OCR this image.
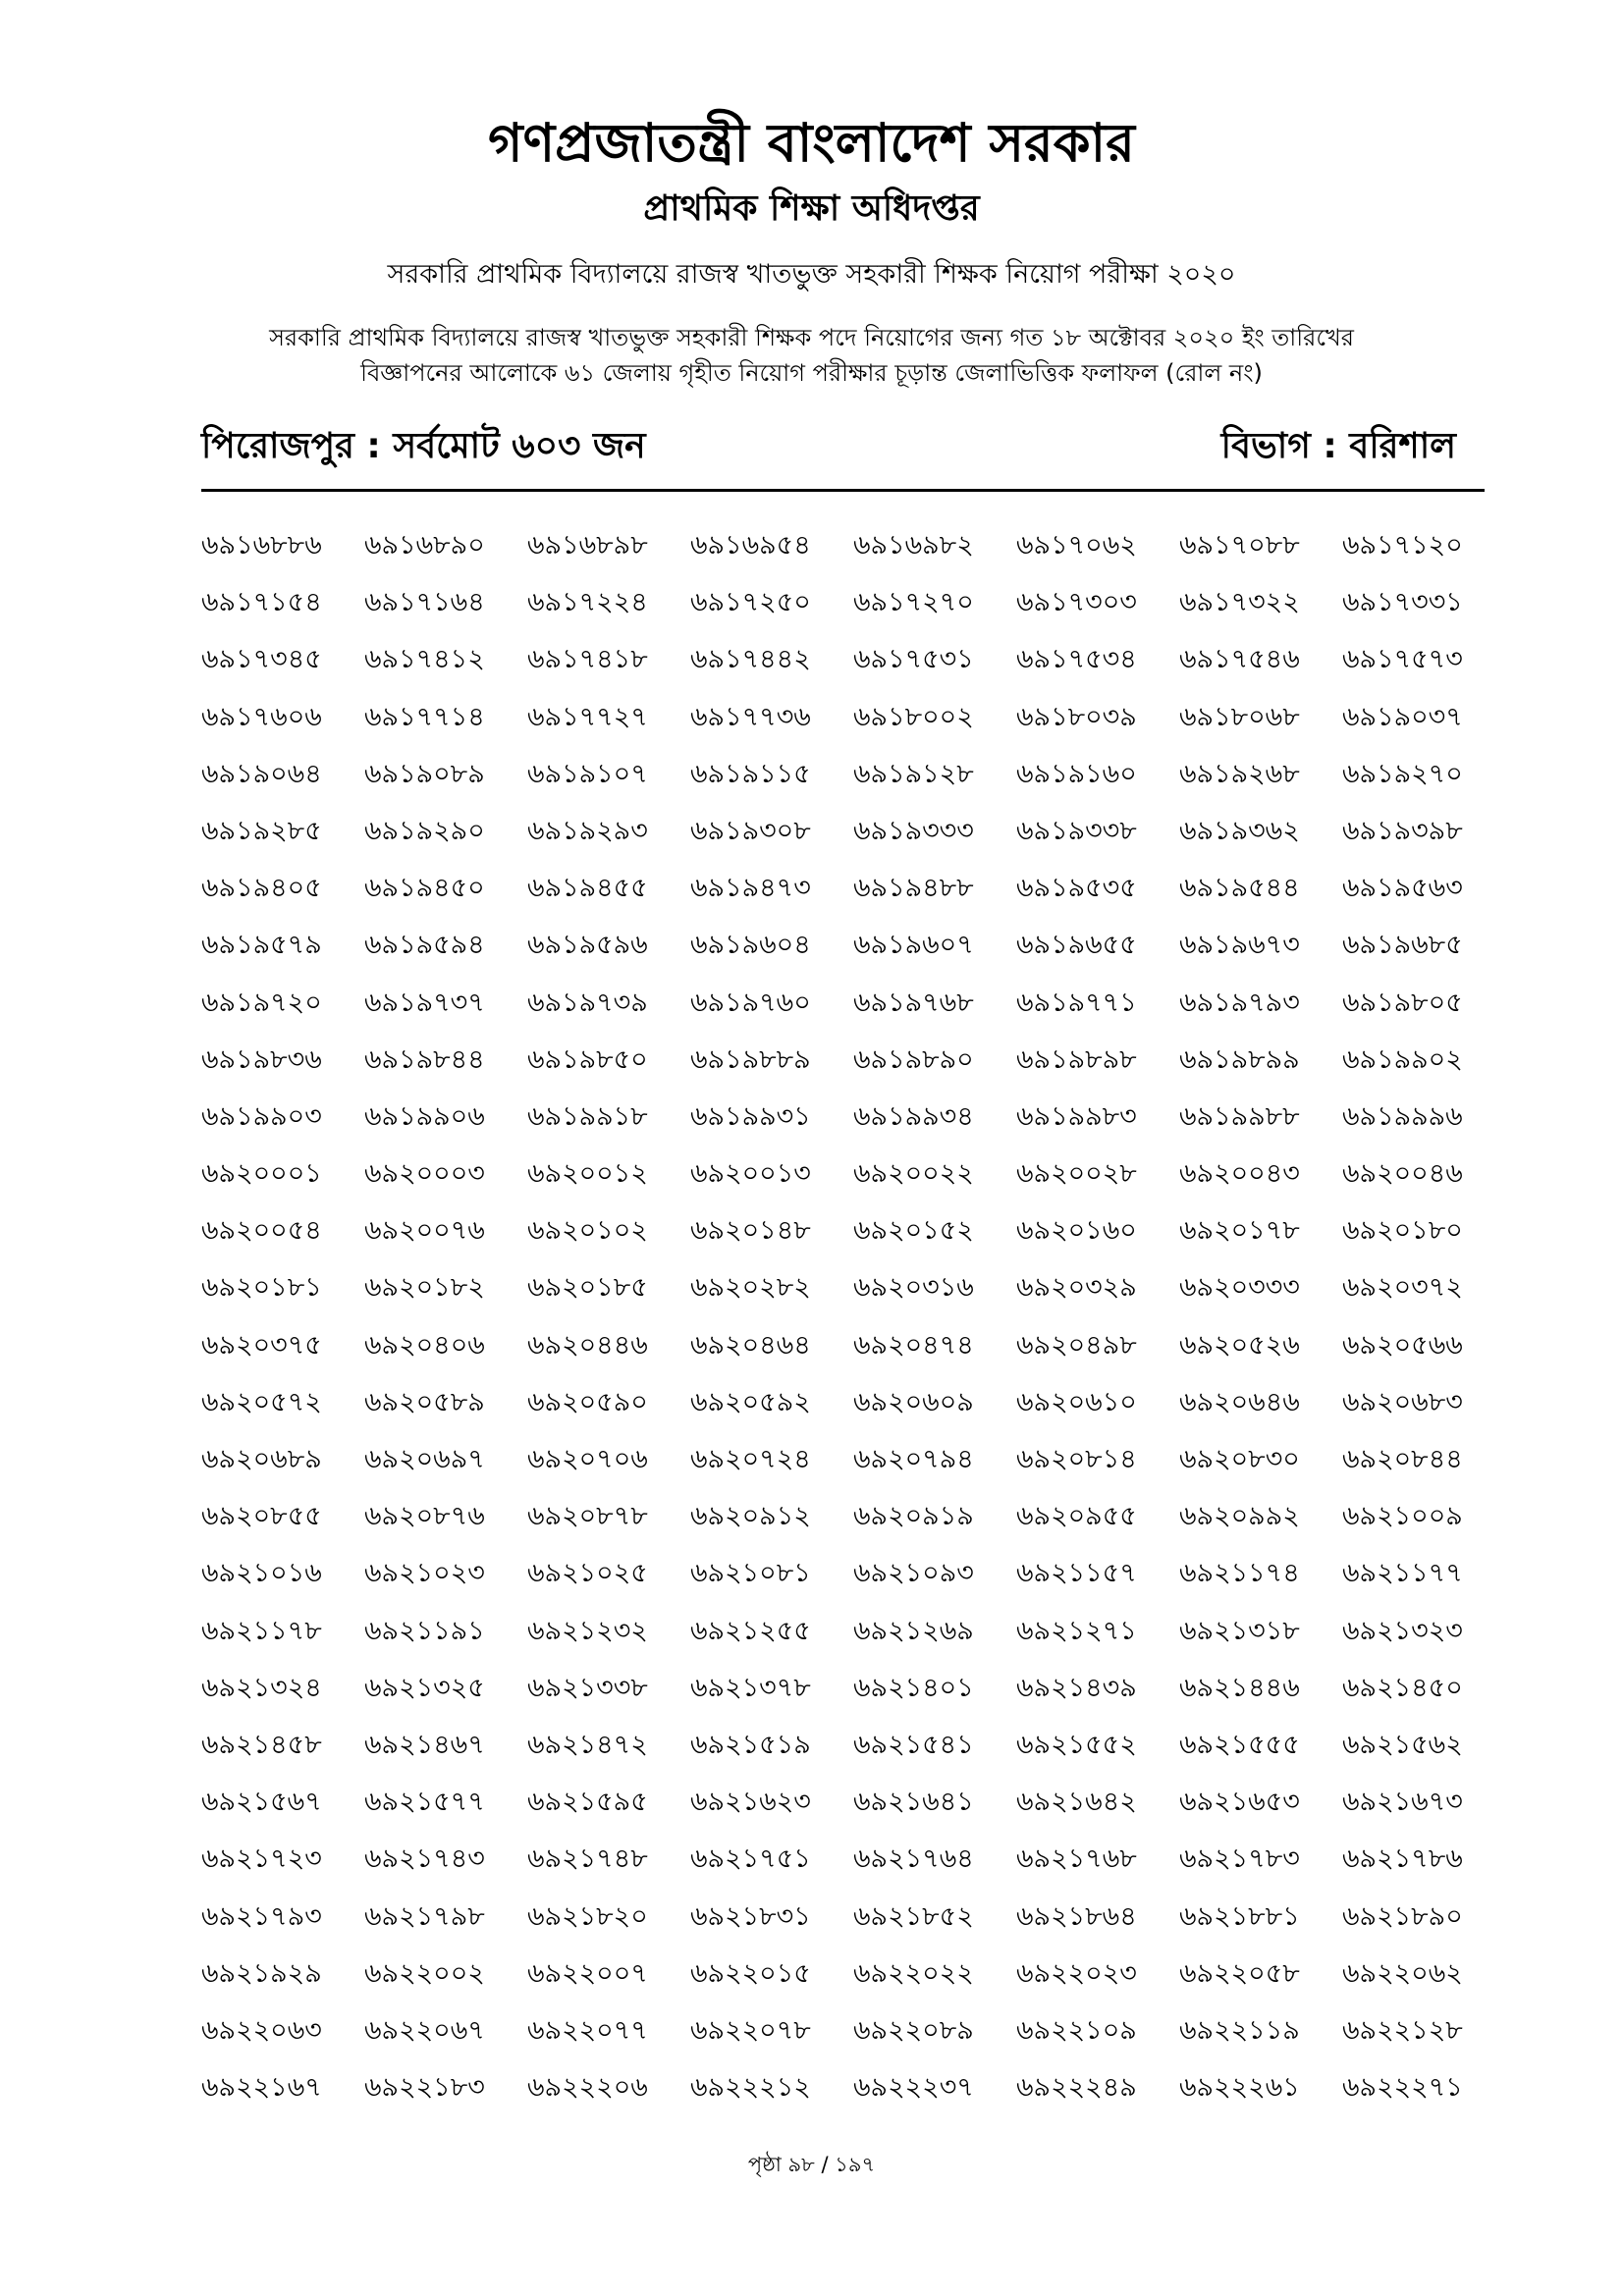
গণপ্রজাতন্ত্রী বাংলাদেশ সরকার
প্রাথমিক শিক্ষা অধিদপ্তর
সরকারি প্রাথমিক বিদ্যালয়ে রাজস্ব খাতভুক্ত সহকারী শিক্ষক নিয়োগ পরীক্ষা ২০২০
সরকারি প্রাথমিক বিদ্যালয়ে রাজস্ব খাতভুক্ত সহকারী শিক্ষক পদে নিয়োগের জন্য গত ১৮ অক্টোবর ২০২০ ইং তারিখের
বিজ্ঞাপনের আলোকে ৬১ জেলায় গৃহীত নিয়োগ পরীক্ষার চূড়ান্ত জেলাভিত্তিক ফলাফল (রোল নং)
পিরোজপুর : সর্বমোট ৬০৩ জন	বিভাগ : বরিশাল
৬৯১৬৮৮৬	৬৯১৬৮৯০	৬৯১৬৮৯৮	৬৯১৬৯৫৪	৬৯১৬৯৮২	৬৯১৭০৬২	৬৯১৭০৮৮	৬৯১৭১২০
৬৯১৭১৫৪	৬৯১৭১৬৪	৬৯১৭২২৪	৬৯১৭২৫০	৬৯১৭২৭০	৬৯১৭৩০৩	৬৯১৭৩২২	৬৯১৭৩৩১
৬৯১৭৩৪৫	৬৯১৭৪১২	৬৯১৭৪১৮	৬৯১৭৪৪২	৬৯১৭৫৩১	৬৯১৭৫৩৪	৬৯১৭৫৪৬	৬৯১৭৫৭৩
৬৯১৭৬০৬	৬৯১৭৭১৪	৬৯১৭৭২৭	৬৯১৭৭৩৬	৬৯১৮০০২	৬৯১৮০৩৯	৬৯১৮০৬৮	৬৯১৯০৩৭
৬৯১৯০৬৪	৬৯১৯০৮৯	৬৯১৯১০৭	৬৯১৯১১৫	৬৯১৯১২৮	৬৯১৯১৬০	৬৯১৯২৬৮	৬৯১৯২৭০
৬৯১৯২৮৫	৬৯১৯২৯০	৬৯১৯২৯৩	৬৯১৯৩০৮	৬৯১৯৩৩৩	৬৯১৯৩৩৮	৬৯১৯৩৬২	৬৯১৯৩৯৮
৬৯১৯৪০৫	৬৯১৯৪৫০	৬৯১৯৪৫৫	৬৯১৯৪৭৩	৬৯১৯৪৮৮	৬৯১৯৫৩৫	৬৯১৯৫৪৪	৬৯১৯৫৬৩
৬৯১৯৫৭৯	৬৯১৯৫৯৪	৬৯১৯৫৯৬	৬৯১৯৬০৪	৬৯১৯৬০৭	৬৯১৯৬৫৫	৬৯১৯৬৭৩	৬৯১৯৬৮৫
৬৯১৯৭২০	৬৯১৯৭৩৭	৬৯১৯৭৩৯	৬৯১৯৭৬০	৬৯১৯৭৬৮	৬৯১৯৭৭১	৬৯১৯৭৯৩	৬৯১৯৮০৫
৬৯১৯৮৩৬	৬৯১৯৮৪৪	৬৯১৯৮৫০	৬৯১৯৮৮৯	৬৯১৯৮৯০	৬৯১৯৮৯৮	৬৯১৯৮৯৯	৬৯১৯৯০২
৬৯১৯৯০৩	৬৯১৯৯০৬	৬৯১৯৯১৮	৬৯১৯৯৩১	৬৯১৯৯৩৪	৬৯১৯৯৮৩	৬৯১৯৯৮৮	৬৯১৯৯৯৬
৬৯২০০০১	৬৯২০০০৩	৬৯২০০১২	৬৯২০০১৩	৬৯২০০২২	৬৯২০০২৮	৬৯২০০৪৩	৬৯২০০৪৬
৬৯২০০৫৪	৬৯২০০৭৬	৬৯২০১০২	৬৯২০১৪৮	৬৯২০১৫২	৬৯২০১৬০	৬৯২০১৭৮	৬৯২০১৮০
৬৯২০১৮১	৬৯২০১৮২	৬৯২০১৮৫	৬৯২০২৮২	৬৯২০৩১৬	৬৯২০৩২৯	৬৯২০৩৩৩	৬৯২০৩৭২
৬৯২০৩৭৫	৬৯২০৪০৬	৬৯২০৪৪৬	৬৯২০৪৬৪	৬৯২০৪৭৪	৬৯২০৪৯৮	৬৯২০৫২৬	৬৯২০৫৬৬
৬৯২০৫৭২	৬৯২০৫৮৯	৬৯২০৫৯০	৬৯২০৫৯২	৬৯২০৬০৯	৬৯২০৬১০	৬৯২০৬৪৬	৬৯২০৬৮৩
৬৯২০৬৮৯	৬৯২০৬৯৭	৬৯২০৭০৬	৬৯২০৭২৪	৬৯২০৭৯৪	৬৯২০৮১৪	৬৯২০৮৩০	৬৯২০৮৪৪
৬৯২০৮৫৫	৬৯২০৮৭৬	৬৯২০৮৭৮	৬৯২০৯১২	৬৯২০৯১৯	৬৯২০৯৫৫	৬৯২০৯৯২	৬৯২১০০৯
৬৯২১০১৬	৬৯২১০২৩	৬৯২১০২৫	৬৯২১০৮১	৬৯২১০৯৩	৬৯২১১৫৭	৬৯২১১৭৪	৬৯২১১৭৭
৬৯২১১৭৮	৬৯২১১৯১	৬৯২১২৩২	৬৯২১২৫৫	৬৯২১২৬৯	৬৯২১২৭১	৬৯২১৩১৮	৬৯২১৩২৩
৬৯২১৩২৪	৬৯২১৩২৫	৬৯২১৩৩৮	৬৯২১৩৭৮	৬৯২১৪০১	৬৯২১৪৩৯	৬৯২১৪৪৬	৬৯২১৪৫০
৬৯২১৪৫৮	৬৯২১৪৬৭	৬৯২১৪৭২	৬৯২১৫১৯	৬৯২১৫৪১	৬৯২১৫৫২	৬৯২১৫৫৫	৬৯২১৫৬২
৬৯২১৫৬৭	৬৯২১৫৭৭	৬৯২১৫৯৫	৬৯২১৬২৩	৬৯২১৬৪১	৬৯২১৬৪২	৬৯২১৬৫৩	৬৯২১৬৭৩
৬৯২১৭২৩	৬৯২১৭৪৩	৬৯২১৭৪৮	৬৯২১৭৫১	৬৯২১৭৬৪	৬৯২১৭৬৮	৬৯২১৭৮৩	৬৯২১৭৮৬
৬৯২১৭৯৩	৬৯২১৭৯৮	৬৯২১৮২০	৬৯২১৮৩১	৬৯২১৮৫২	৬৯২১৮৬৪	৬৯২১৮৮১	৬৯২১৮৯০
৬৯২১৯২৯	৬৯২২০০২	৬৯২২০০৭	৬৯২২০১৫	৬৯২২০২২	৬৯২২০২৩	৬৯২২০৫৮	৬৯২২০৬২
৬৯২২০৬৩	৬৯২২০৬৭	৬৯২২০৭৭	৬৯২২০৭৮	৬৯২২০৮৯	৬৯২২১০৯	৬৯২২১১৯	৬৯২২১২৮
৬৯২২১৬৭	৬৯২২১৮৩	৬৯২২২০৬	৬৯২২২১২	৬৯২২২৩৭	৬৯২২২৪৯	৬৯২২২৬১	৬৯২২২৭১
পৃষ্ঠা ৯৮ / ১৯৭
